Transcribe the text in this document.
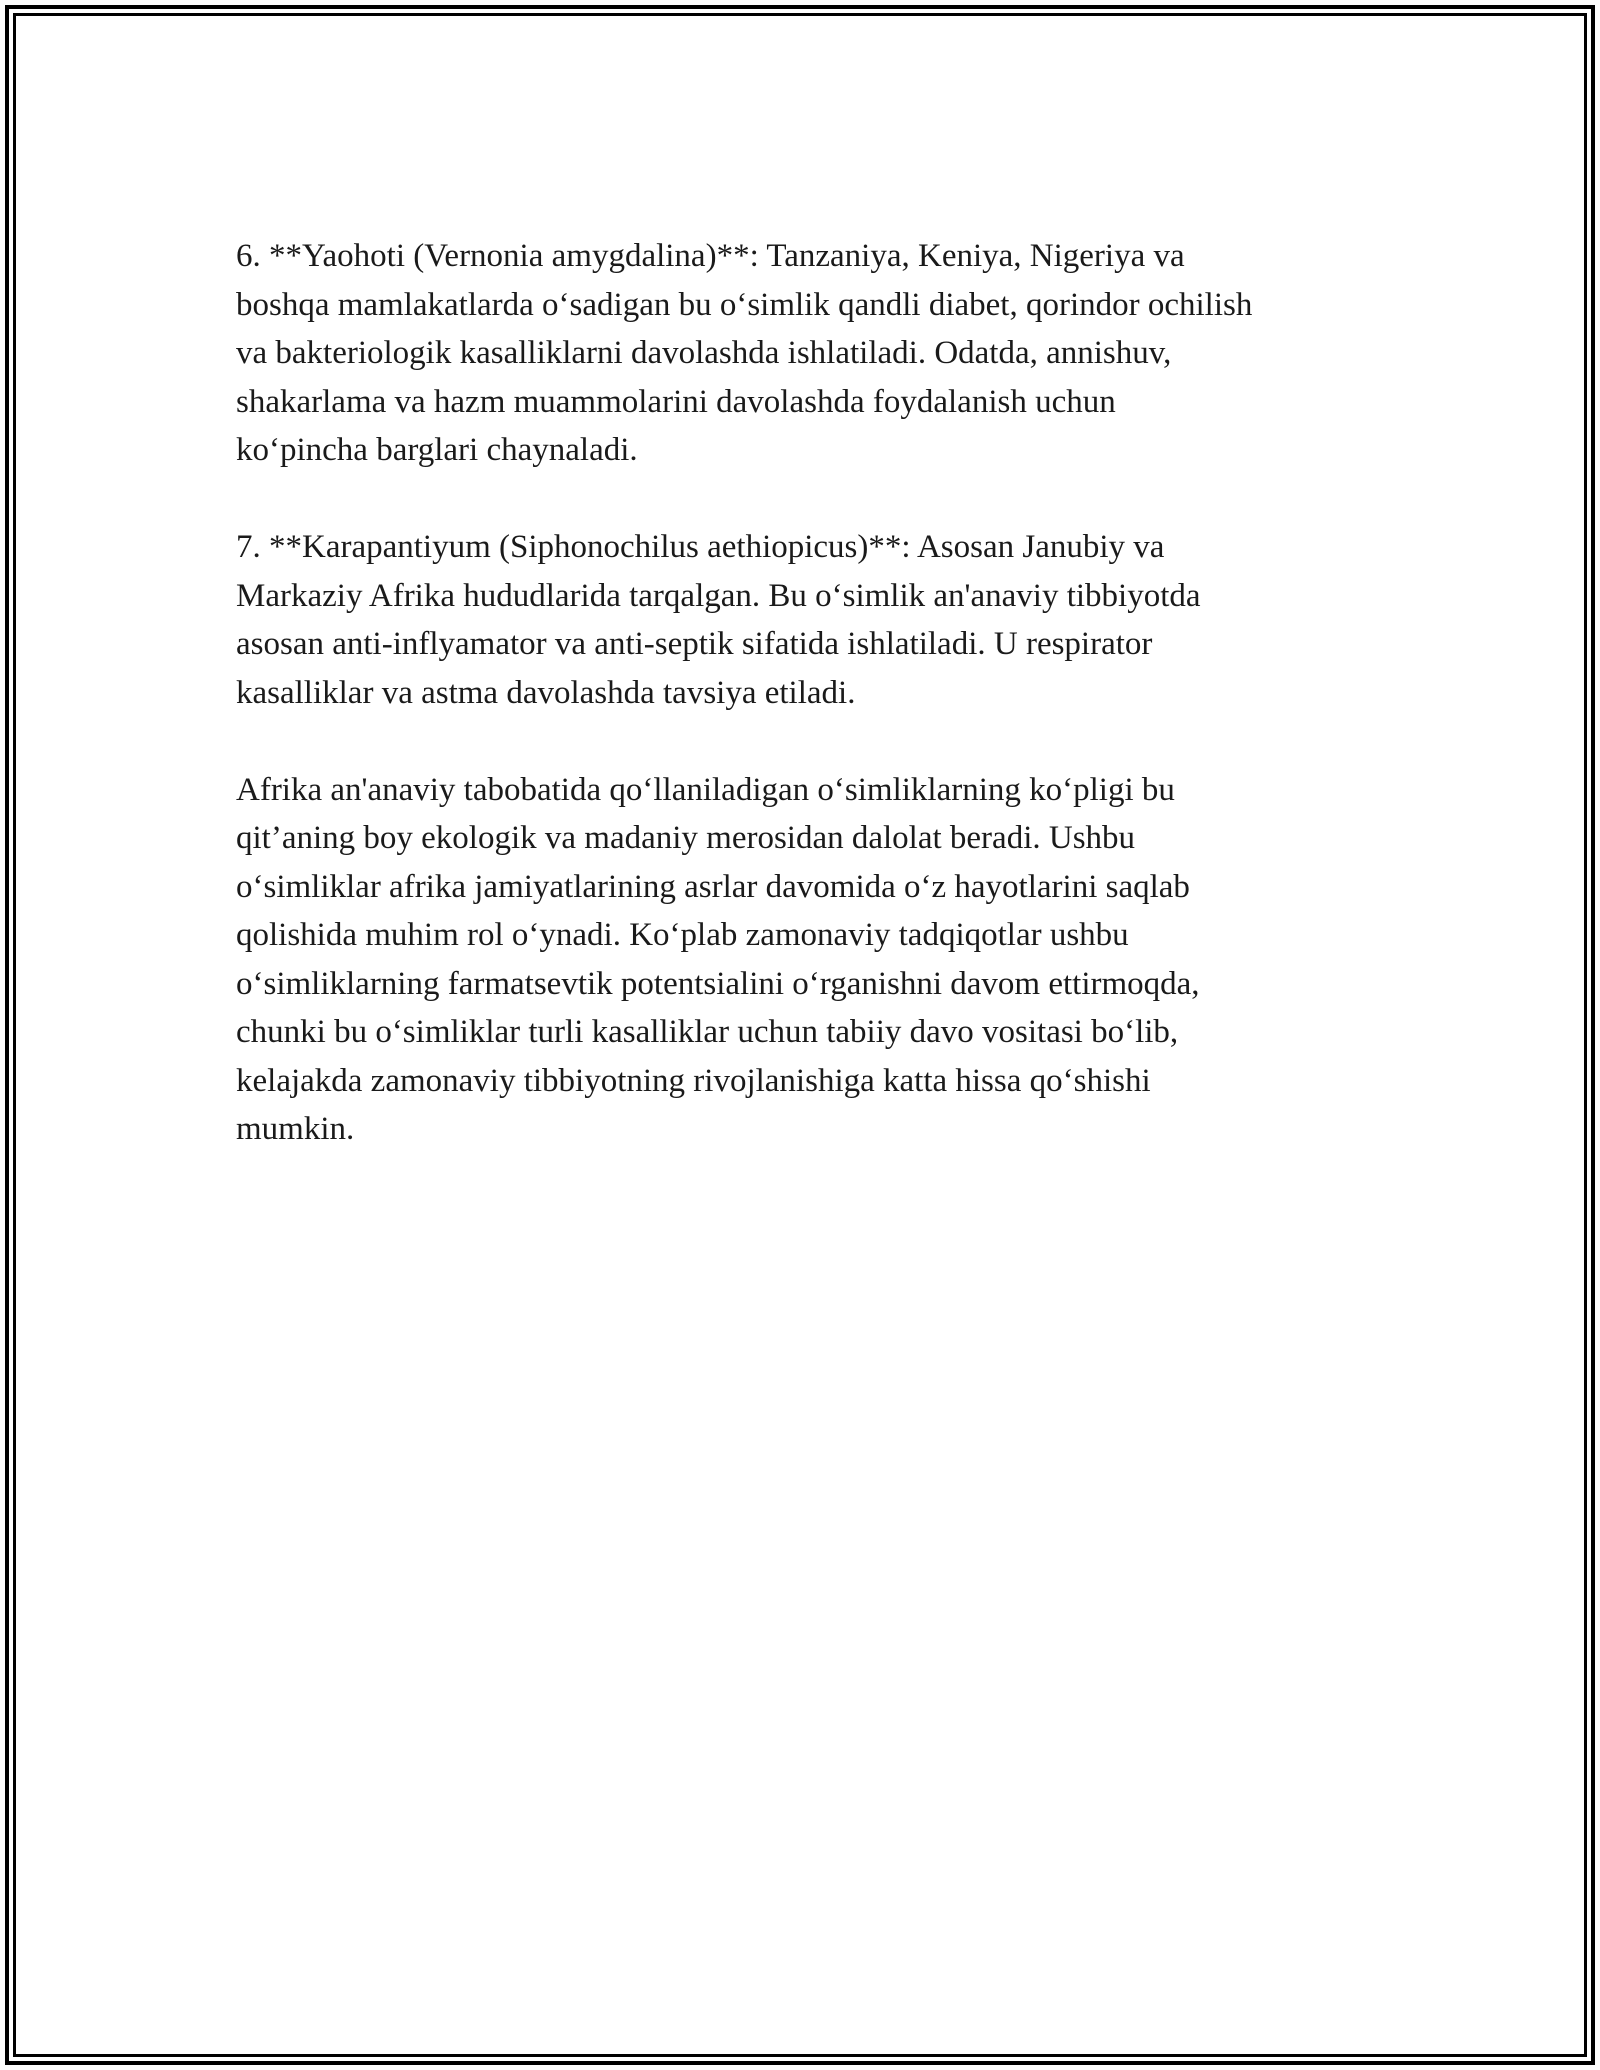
6. **Yaohoti (Vernonia amygdalina)**: Tanzaniya, Keniya, Nigeriya va
boshqa mamlakatlarda o‘sadigan bu o‘simlik qandli diabet, qorindor ochilish
va bakteriologik kasalliklarni davolashda ishlatiladi. Odatda, annishuv,
shakarlama va hazm muammolarini davolashda foydalanish uchun
ko‘pincha barglari chaynaladi.

7. **Karapantiyum (Siphonochilus aethiopicus)**: Asosan Janubiy va
Markaziy Afrika hududlarida tarqalgan. Bu o‘simlik an'anaviy tibbiyotda
asosan anti-inflyamator va anti-septik sifatida ishlatiladi. U respirator
kasalliklar va astma davolashda tavsiya etiladi.

Afrika an'anaviy tabobatida qo‘llaniladigan o‘simliklarning ko‘pligi bu
qit’aning boy ekologik va madaniy merosidan dalolat beradi. Ushbu
o‘simliklar afrika jamiyatlarining asrlar davomida o‘z hayotlarini saqlab
qolishida muhim rol o‘ynadi. Ko‘plab zamonaviy tadqiqotlar ushbu
o‘simliklarning farmatsevtik potentsialini o‘rganishni davom ettirmoqda,
chunki bu o‘simliklar turli kasalliklar uchun tabiiy davo vositasi bo‘lib,
kelajakda zamonaviy tibbiyotning rivojlanishiga katta hissa qo‘shishi
mumkin.
